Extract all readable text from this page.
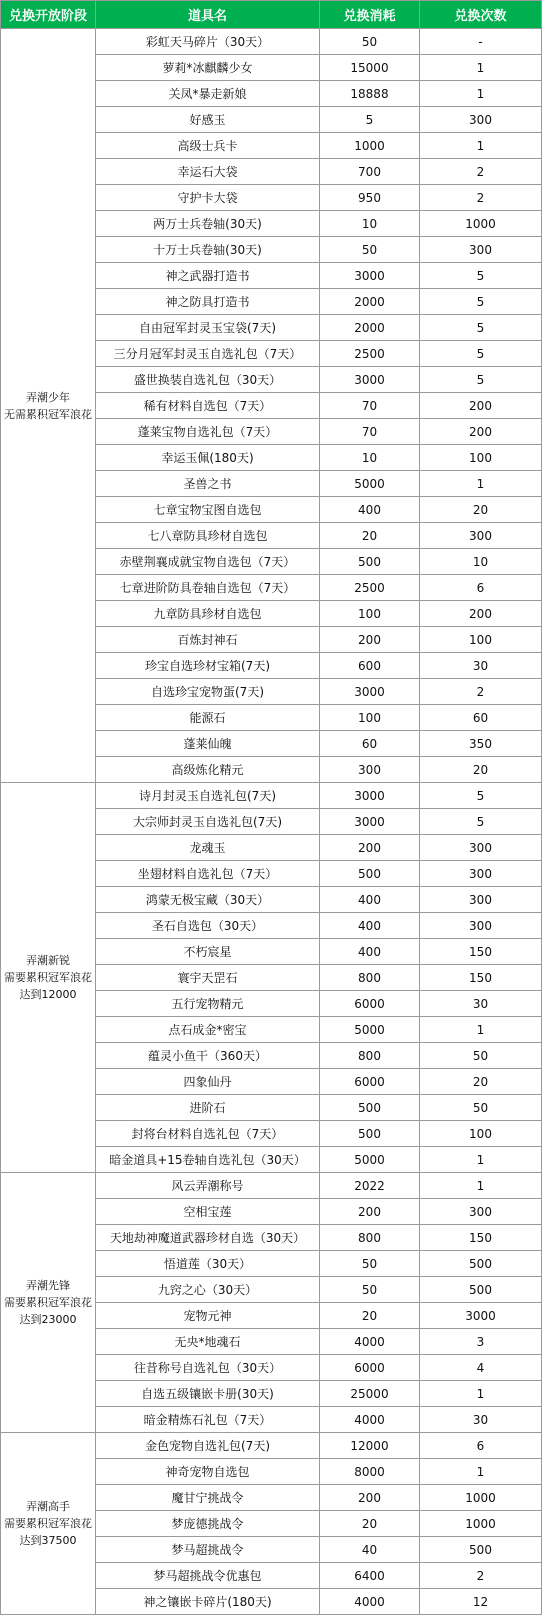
兑换开放阶段	道具名	兑换消耗	兑换次数

弄潮少年
无需累积冠军浪花	彩虹天马碎片（30天）	50	-
	萝莉*冰麒麟少女	15000	1
	关凤*暴走新娘	18888	1
	好感玉	5	300
	高级士兵卡	1000	1
	幸运石大袋	700	2
	守护卡大袋	950	2
	两万士兵卷轴(30天)	10	1000
	十万士兵卷轴(30天)	50	300
	神之武器打造书	3000	5
	神之防具打造书	2000	5
	自由冠军封灵玉宝袋(7天)	2000	5
	三分月冠军封灵玉自选礼包（7天）	2500	5
	盛世换装自选礼包（30天）	3000	5
	稀有材料自选包（7天）	70	200
	蓬莱宝物自选礼包（7天）	70	200
	幸运玉佩(180天)	10	100
	圣兽之书	5000	1
	七章宝物宝图自选包	400	20
	七八章防具珍材自选包	20	300
	赤壁荆襄成就宝物自选包（7天）	500	10
	七章进阶防具卷轴自选包（7天）	2500	6
	九章防具珍材自选包	100	200
	百炼封神石	200	100
	珍宝自选珍材宝箱(7天)	600	30
	自选珍宝宠物蛋(7天)	3000	2
	能源石	100	60
	蓬莱仙魄	60	350
	高级炼化精元	300	20

弄潮新锐
需要累积冠军浪花
达到12000	诗月封灵玉自选礼包(7天)	3000	5
	大宗师封灵玉自选礼包(7天)	3000	5
	龙魂玉	200	300
	坐翅材料自选礼包（7天）	500	300
	鸿蒙无极宝藏（30天）	400	300
	圣石自选包（30天）	400	300
	不朽宸星	400	150
	寰宇天罡石	800	150
	五行宠物精元	6000	30
	点石成金*密宝	5000	1
	蕴灵小鱼干（360天）	800	50
	四象仙丹	6000	20
	进阶石	500	50
	封将台材料自选礼包（7天）	500	100
	暗金道具+15卷轴自选礼包（30天）	5000	1

弄潮先锋
需要累积冠军浪花
达到23000	风云弄潮称号	2022	1
	空相宝莲	200	300
	天地劫神魔道武器珍材自选（30天）	800	150
	悟道莲（30天）	50	500
	九窍之心（30天）	50	500
	宠物元神	20	3000
	无央*地魂石	4000	3
	往昔称号自选礼包（30天）	6000	4
	自选五级镶嵌卡册(30天)	25000	1
	暗金精炼石礼包（7天）	4000	30

弄潮高手
需要累积冠军浪花
达到37500	金色宠物自选礼包(7天)	12000	6
	神奇宠物自选包	8000	1
	魔甘宁挑战令	200	1000
	梦庞德挑战令	20	1000
	梦马超挑战令	40	500
	梦马超挑战令优惠包	6400	2
	神之镶嵌卡碎片(180天)	4000	12
